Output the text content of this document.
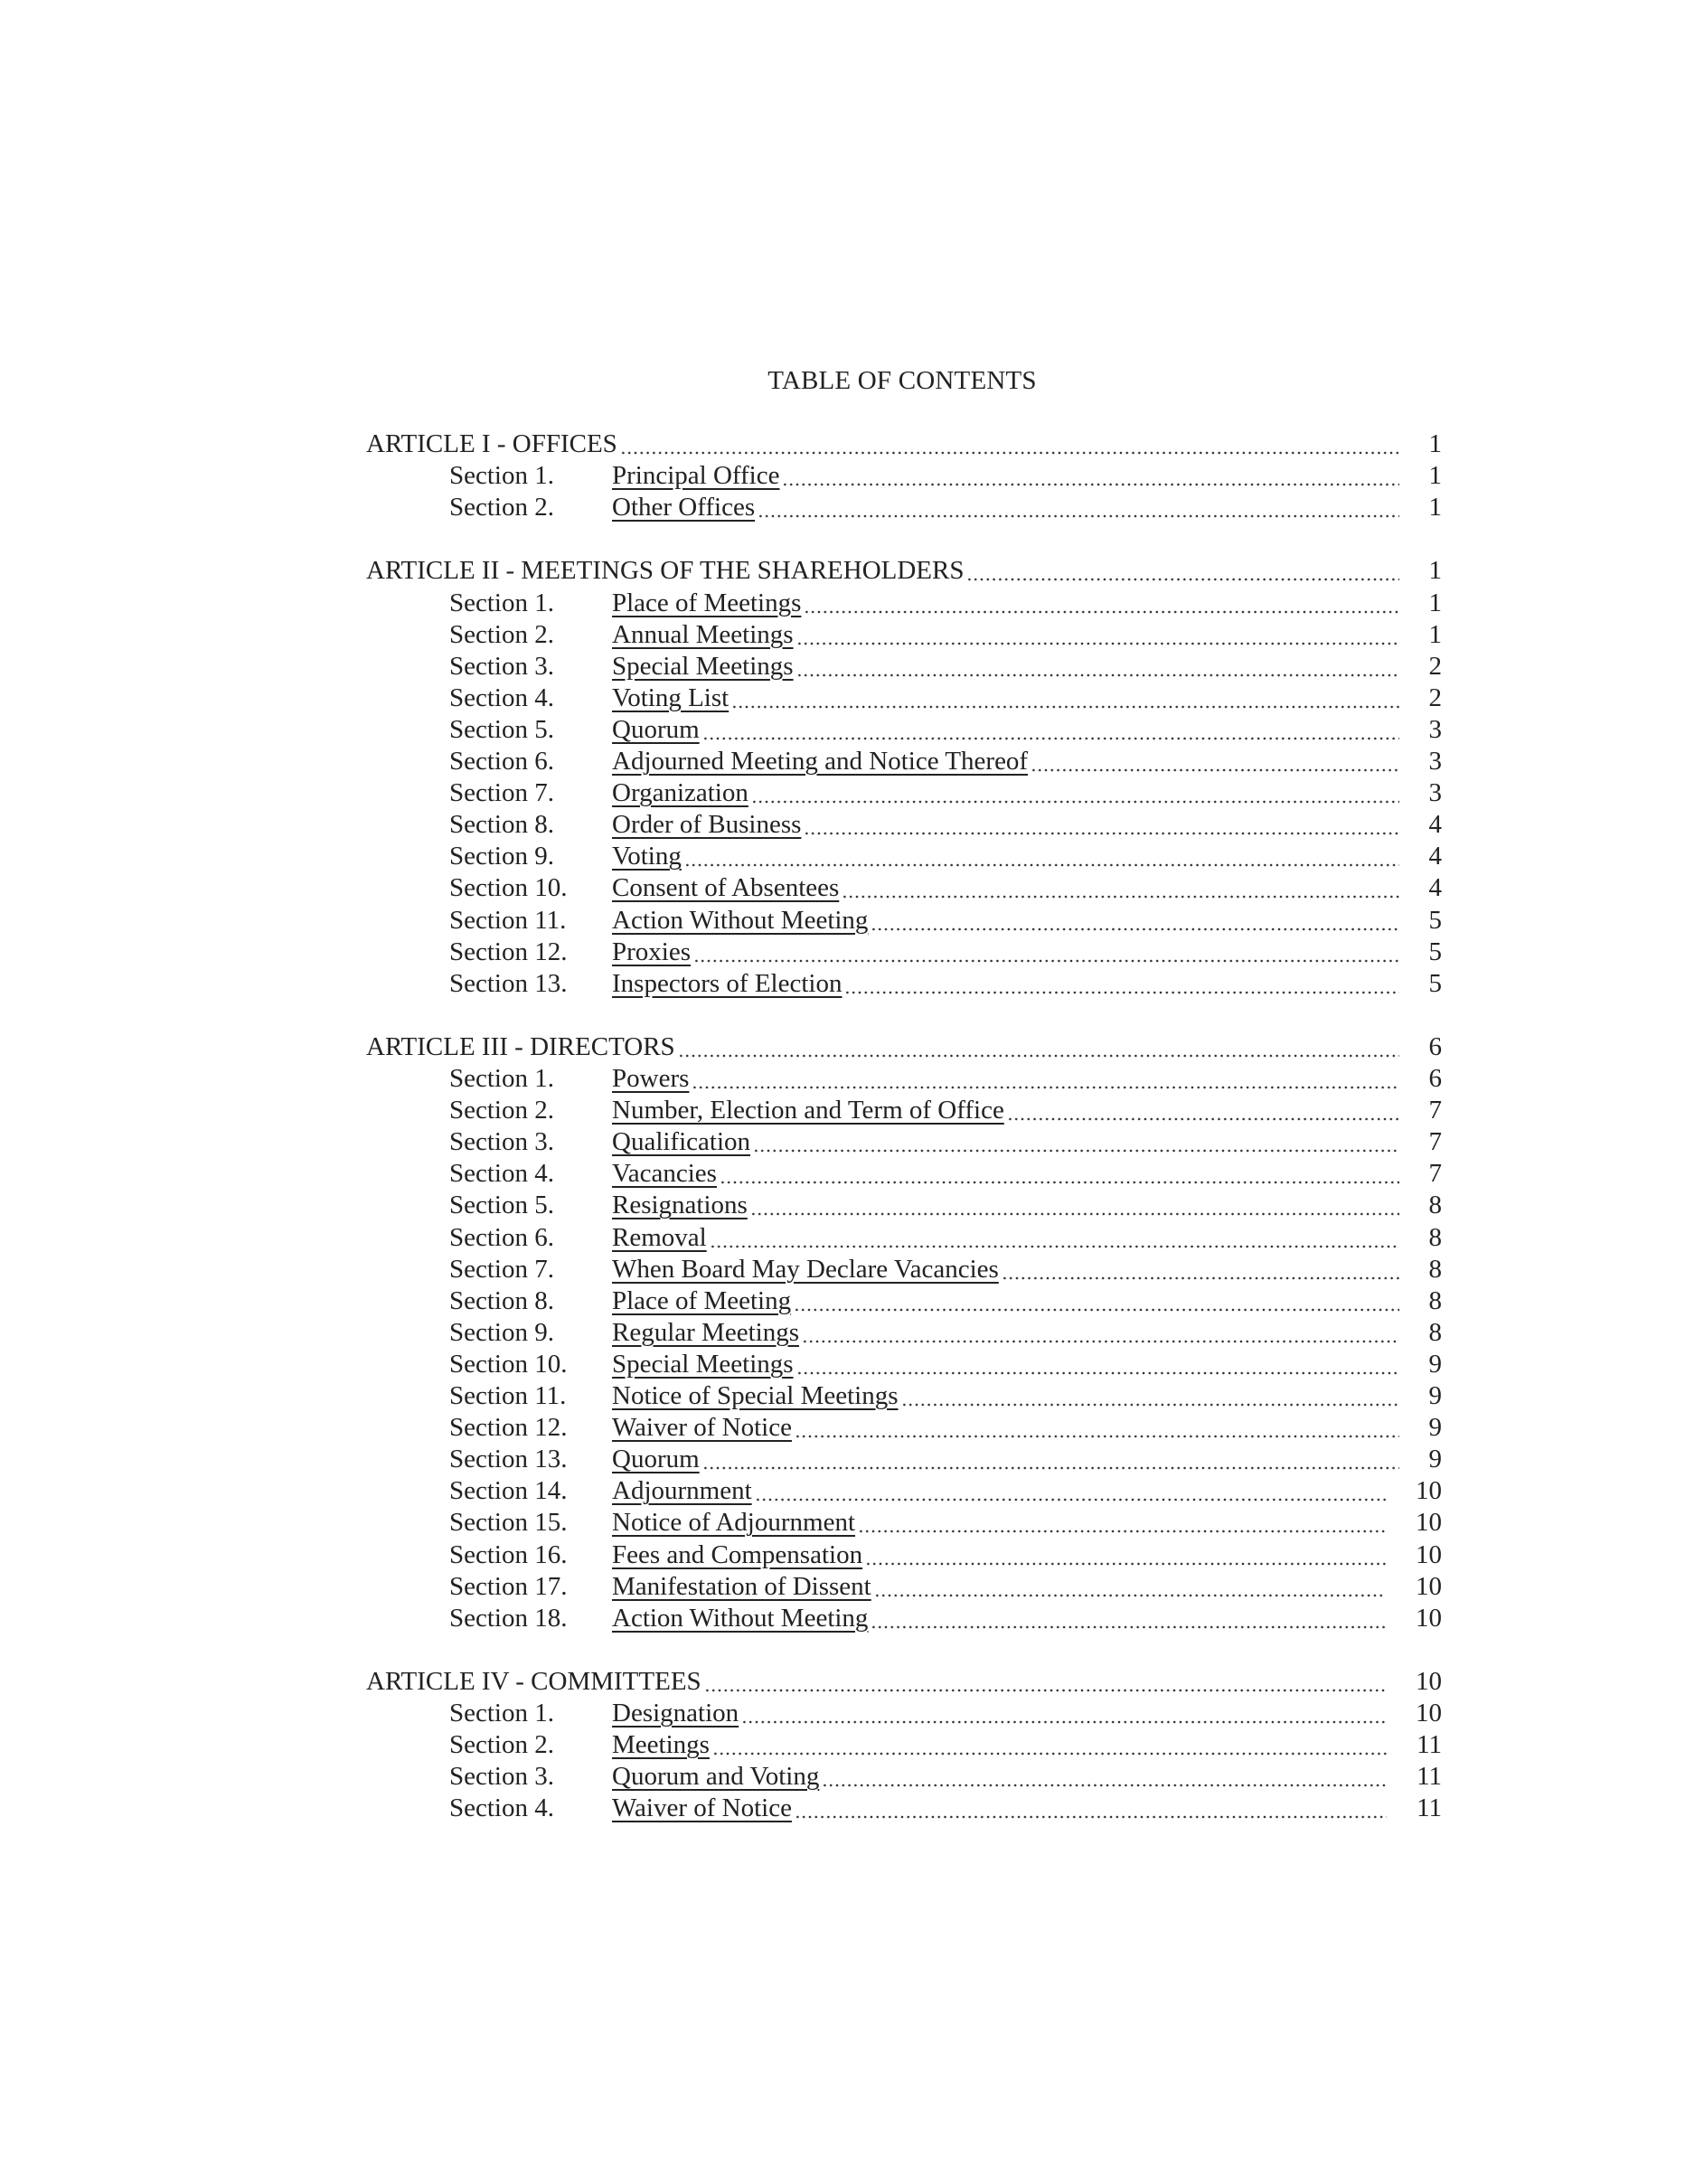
TABLE OF CONTENTS
ARTICLE I - OFFICES	1
Section 1.	Principal Office	1
Section 2.	Other Offices	1
ARTICLE II - MEETINGS OF THE SHAREHOLDERS	1
Section 1.	Place of Meetings	1
Section 2.	Annual Meetings	1
Section 3.	Special Meetings	2
Section 4.	Voting List	2
Section 5.	Quorum	3
Section 6.	Adjourned Meeting and Notice Thereof	3
Section 7.	Organization	3
Section 8.	Order of Business	4
Section 9.	Voting	4
Section 10.	Consent of Absentees	4
Section 11.	Action Without Meeting	5
Section 12.	Proxies	5
Section 13.	Inspectors of Election	5
ARTICLE III - DIRECTORS	6
Section 1.	Powers	6
Section 2.	Number, Election and Term of Office	7
Section 3.	Qualification	7
Section 4.	Vacancies	7
Section 5.	Resignations	8
Section 6.	Removal	8
Section 7.	When Board May Declare Vacancies	8
Section 8.	Place of Meeting	8
Section 9.	Regular Meetings	8
Section 10.	Special Meetings	9
Section 11.	Notice of Special Meetings	9
Section 12.	Waiver of Notice	9
Section 13.	Quorum	9
Section 14.	Adjournment	10
Section 15.	Notice of Adjournment	10
Section 16.	Fees and Compensation	10
Section 17.	Manifestation of Dissent	10
Section 18.	Action Without Meeting	10
ARTICLE IV - COMMITTEES	10
Section 1.	Designation	10
Section 2.	Meetings	11
Section 3.	Quorum and Voting	11
Section 4.	Waiver of Notice	11
